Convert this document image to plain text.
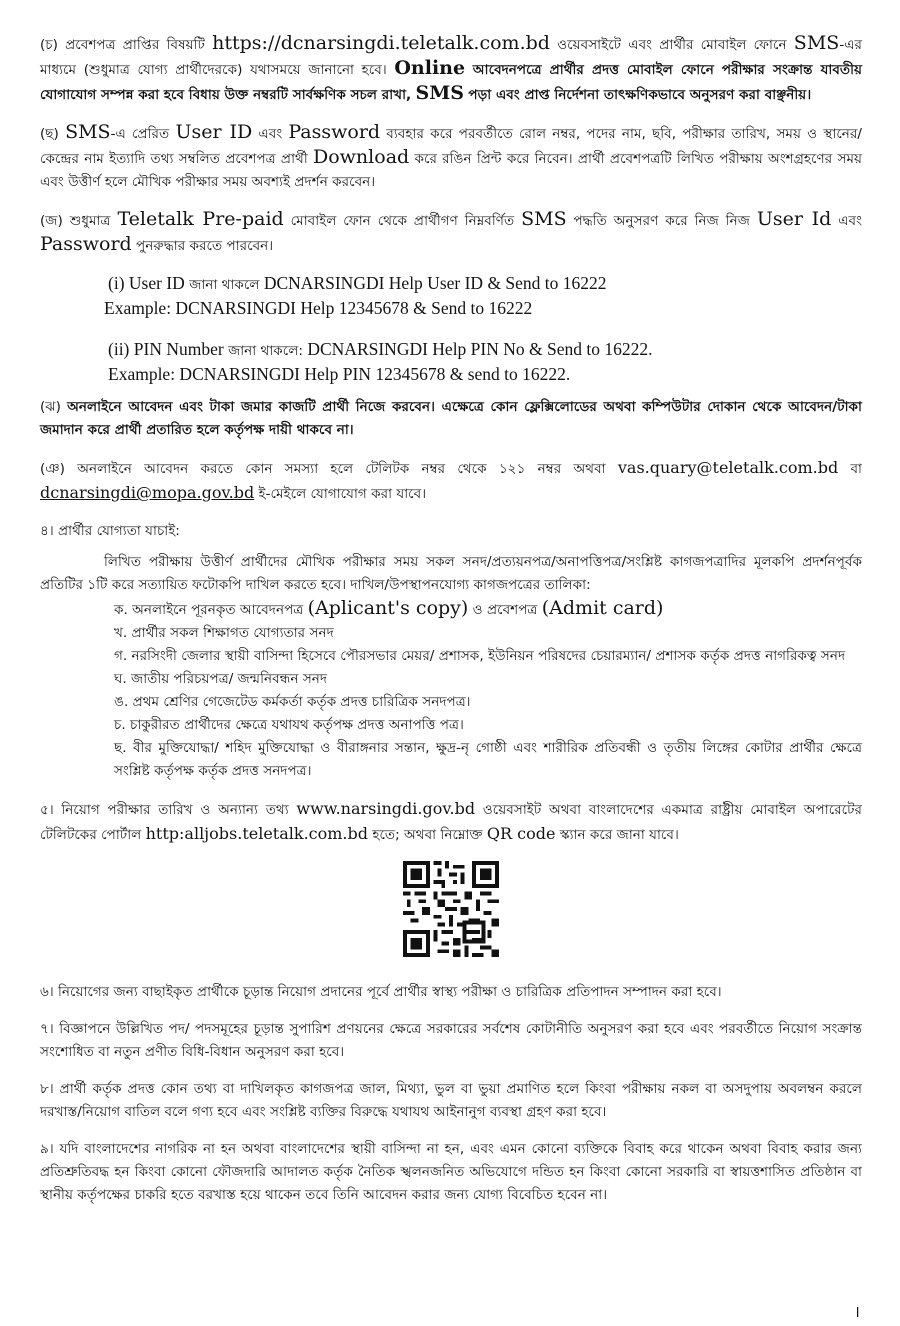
(চ) প্রবেশপত্র প্রাপ্তির বিষয়টি https://dcnarsingdi.teletalk.com.bd ওয়েবসাইটে এবং প্রার্থীর মোবাইল ফোনে SMS-এর মাধ্যমে (শুধুমাত্র যোগ্য প্রার্থীদেরকে) যথাসময়ে জানানো হবে। Online আবেদনপত্রে প্রার্থীর প্রদত্ত মোবাইল ফোনে পরীক্ষার সংক্রান্ত যাবতীয় যোগাযোগ সম্পন্ন করা হবে বিধায় উক্ত নম্বরটি সার্বক্ষণিক সচল রাখা, SMS পড়া এবং প্রাপ্ত নির্দেশনা তাৎক্ষণিকভাবে অনুসরণ করা বাঞ্ছনীয়।

(ছ) SMS-এ প্রেরিত User ID এবং Password ব্যবহার করে পরবর্তীতে রোল নম্বর, পদের নাম, ছবি, পরীক্ষার তারিখ, সময় ও স্থানের/কেন্দ্রের নাম ইত্যাদি তথ্য সম্বলিত প্রবেশপত্র প্রার্থী Download করে রঙিন প্রিন্ট করে নিবেন। প্রার্থী প্রবেশপত্রটি লিখিত পরীক্ষায় অংশগ্রহণের সময় এবং উত্তীর্ণ হলে মৌখিক পরীক্ষার সময় অবশ্যই প্রদর্শন করবেন।

(জ) শুধুমাত্র Teletalk Pre-paid মোবাইল ফোন থেকে প্রার্থীগণ নিম্নবর্ণিত SMS পদ্ধতি অনুসরণ করে নিজ নিজ User Id এবং Password পুনরুদ্ধার করতে পারবেন।

(i) User ID জানা থাকলে DCNARSINGDI Help User ID & Send to 16222

Example: DCNARSINGDI Help 12345678 & Send to 16222

(ii) PIN Number জানা থাকলে: DCNARSINGDI Help PIN No & Send to 16222.

Example: DCNARSINGDI Help PIN 12345678 & send to 16222.

(ঝ) অনলাইনে আবেদন এবং টাকা জমার কাজটি প্রার্থী নিজে করবেন। এক্ষেত্রে কোন ফ্লেক্সিলোডের অথবা কম্পিউটার দোকান থেকে আবেদন/টাকা জমাদান করে প্রার্থী প্রতারিত হলে কর্তৃপক্ষ দায়ী থাকবে না।

(ঞ) অনলাইনে আবেদন করতে কোন সমস্যা হলে টেলিটক নম্বর থেকে ১২১ নম্বর অথবা vas.quary@teletalk.com.bd বা dcnarsingdi@mopa.gov.bd ই-মেইলে যোগাযোগ করা যাবে।

৪। প্রার্থীর যোগ্যতা যাচাই:

লিখিত পরীক্ষায় উত্তীর্ণ প্রার্থীদের মৌখিক পরীক্ষার সময় সকল সনদ/প্রত্যয়নপত্র/অনাপত্তিপত্র/সংশ্লিষ্ট কাগজপত্রাদির মূলকপি প্রদর্শনপূর্বক প্রতিটির ১টি করে সত্যায়িত ফটোকপি দাখিল করতে হবে। দাখিল/উপস্থাপনযোগ্য কাগজপত্রের তালিকা:

ক. অনলাইনে পূরনকৃত আবেদনপত্র (Aplicant's copy) ও প্রবেশপত্র (Admit card)

খ. প্রার্থীর সকল শিক্ষাগত যোগ্যতার সনদ

গ. নরসিংদী জেলার স্থায়ী বাসিন্দা হিসেবে পৌরসভার মেয়র/ প্রশাসক, ইউনিয়ন পরিষদের চেয়ারম্যান/ প্রশাসক কর্তৃক প্রদত্ত নাগরিকত্ব সনদ

ঘ. জাতীয় পরিচয়পত্র/ জন্মনিবন্ধন সনদ

ঙ. প্রথম শ্রেণির গেজেটেড কর্মকর্তা কর্তৃক প্রদত্ত চারিত্রিক সনদপত্র।

চ. চাকুরীরত প্রার্থীদের ক্ষেত্রে যথাযথ কর্তৃপক্ষ প্রদত্ত অনাপত্তি পত্র।

ছ. বীর মুক্তিযোদ্ধা/ শহিদ মুক্তিযোদ্ধা ও বীরাঙ্গনার সন্তান, ক্ষুদ্র-নৃ গোষ্ঠী এবং শারীরিক প্রতিবন্ধী ও তৃতীয় লিঙ্গের কোটার প্রার্থীর ক্ষেত্রে সংশ্লিষ্ট কর্তৃপক্ষ কর্তৃক প্রদত্ত সনদপত্র।

৫। নিয়োগ পরীক্ষার তারিখ ও অন্যান্য তথ্য www.narsingdi.gov.bd ওয়েবসাইট অথবা বাংলাদেশের একমাত্র রাষ্ট্রীয় মোবাইল অপারেটের টেলিটকের পোর্টাল http:alljobs.teletalk.com.bd হতে; অথবা নিম্নোক্ত QR code স্ক্যান করে জানা যাবে।

৬। নিয়োগের জন্য বাছাইকৃত প্রার্থীকে চূড়ান্ত নিয়োগ প্রদানের পূর্বে প্রার্থীর স্বাস্থ্য পরীক্ষা ও চারিত্রিক প্রতিপাদন সম্পাদন করা হবে।

৭। বিজ্ঞাপনে উল্লিখিত পদ/ পদসমূহের চূড়ান্ত সুপারিশ প্রণয়নের ক্ষেত্রে সরকারের সর্বশেষ কোটানীতি অনুসরণ করা হবে এবং পরবর্তীতে নিয়োগ সংক্রান্ত সংশোধিত বা নতুন প্রণীত বিধি-বিধান অনুসরণ করা হবে।

৮। প্রার্থী কর্তৃক প্রদত্ত কোন তথ্য বা দাখিলকৃত কাগজপত্র জাল, মিথ্যা, ভুল বা ভুয়া প্রমাণিত হলে কিংবা পরীক্ষায় নকল বা অসদুপায় অবলম্বন করলে দরখাস্ত/নিয়োগ বাতিল বলে গণ্য হবে এবং সংশ্লিষ্ট ব্যক্তির বিরুদ্ধে যথাযথ আইনানুগ ব্যবস্থা গ্রহণ করা হবে।

৯। যদি বাংলাদেশের নাগরিক না হন অথবা বাংলাদেশের স্থায়ী বাসিন্দা না হন, এবং এমন কোনো ব্যক্তিকে বিবাহ করে থাকেন অথবা বিবাহ করার জন্য প্রতিশ্রুতিবদ্ধ হন কিংবা কোনো ফৌজদারি আদালত কর্তৃক নৈতিক স্খলনজনিত অভিযোগে দন্ডিত হন কিংবা কোনো সরকারি বা স্বায়ত্তশাসিত প্রতিষ্ঠান বা স্থানীয় কর্তৃপক্ষের চাকরি হতে বরখাস্ত হয়ে থাকেন তবে তিনি আবেদন করার জন্য যোগ্য বিবেচিত হবেন না।

।
